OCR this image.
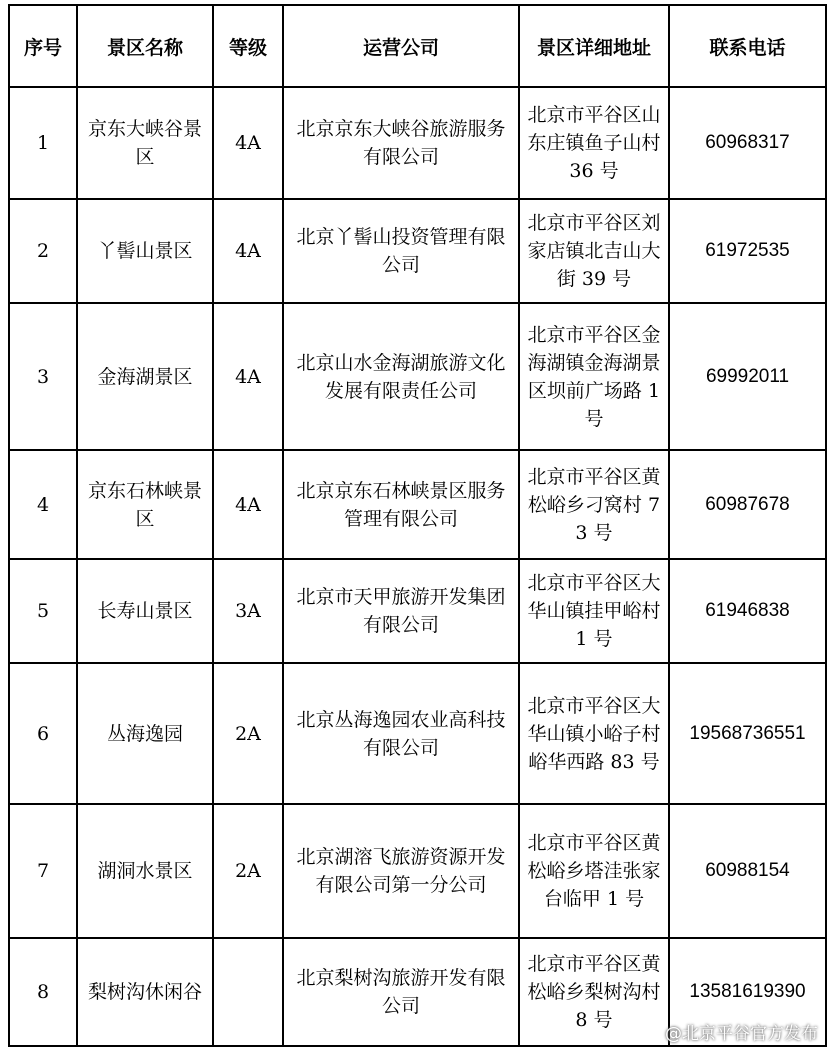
序号	景区名称	等级	运营公司	景区详细地址	联系电话
1	京东大峡谷景区	4A	北京京东大峡谷旅游服务有限公司	北京市平谷区山东庄镇鱼子山村 36 号	60968317
2	丫髻山景区	4A	北京丫髻山投资管理有限公司	北京市平谷区刘家店镇北吉山大街 39 号	61972535
3	金海湖景区	4A	北京山水金海湖旅游文化发展有限责任公司	北京市平谷区金海湖镇金海湖景区坝前广场路 1 号	69992011
4	京东石林峡景区	4A	北京京东石林峡景区服务管理有限公司	北京市平谷区黄松峪乡刁窝村 73 号	60987678
5	长寿山景区	3A	北京市天甲旅游开发集团有限公司	北京市平谷区大华山镇挂甲峪村 1 号	61946838
6	丛海逸园	2A	北京丛海逸园农业高科技有限公司	北京市平谷区大华山镇小峪子村峪华西路 83 号	19568736551
7	湖洞水景区	2A	北京湖溶飞旅游资源开发有限公司第一分公司	北京市平谷区黄松峪乡塔洼张家台临甲 1 号	60988154
8	梨树沟休闲谷		北京梨树沟旅游开发有限公司	北京市平谷区黄松峪乡梨树沟村 8 号	13581619390
@北京平谷官方发布
